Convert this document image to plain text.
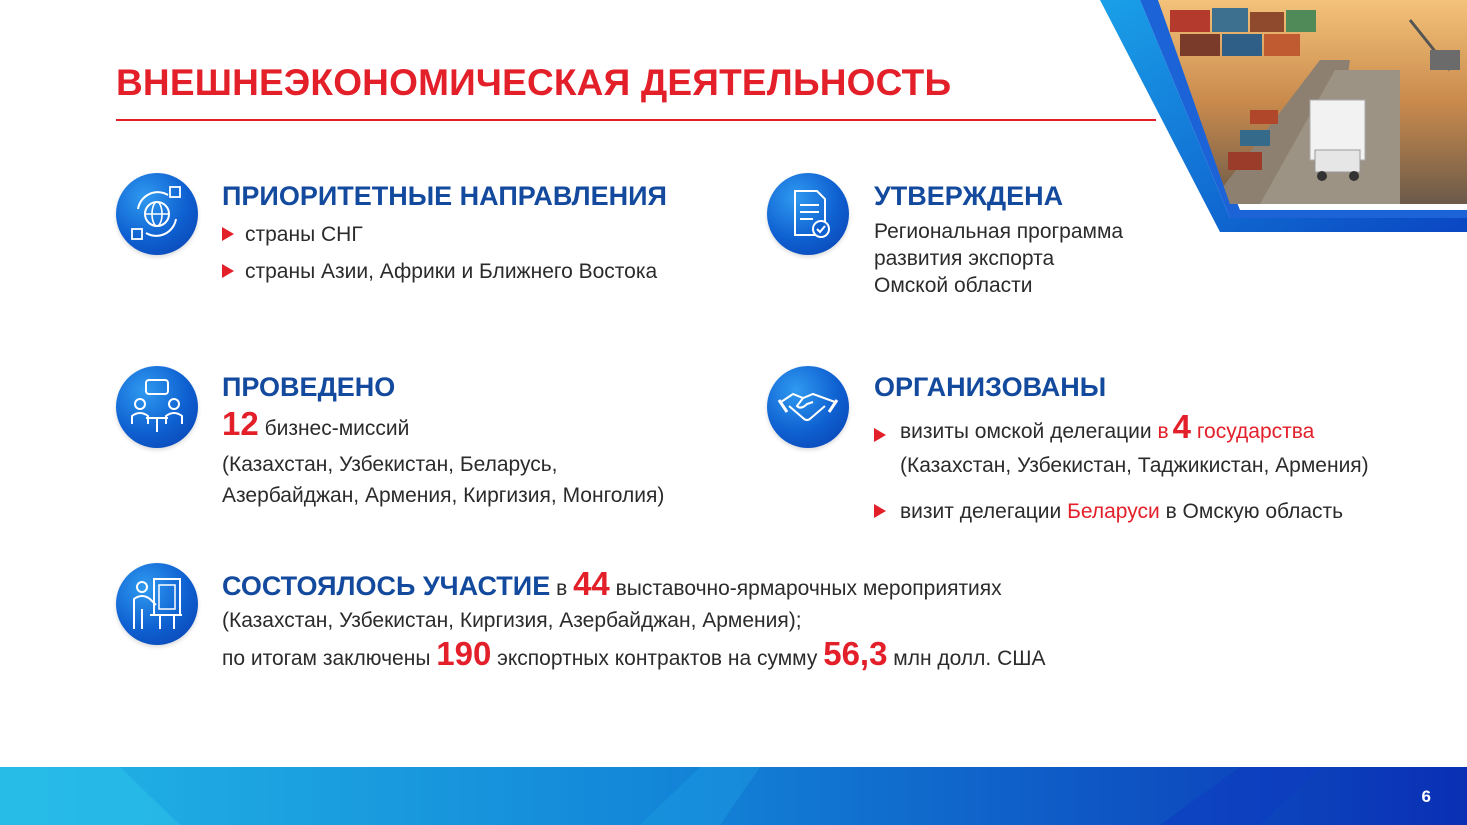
ВНЕШНЕЭКОНОМИЧЕСКАЯ ДЕЯТЕЛЬНОСТЬ
ПРИОРИТЕТНЫЕ НАПРАВЛЕНИЯ
страны СНГ
страны Азии, Африки и Ближнего Востока
УТВЕРЖДЕНА
Региональная программа
развития экспорта
Омской области
ПРОВЕДЕНО
12 бизнес-миссий
(Казахстан, Узбекистан, Беларусь,
Азербайджан, Армения, Киргизия, Монголия)
ОРГАНИЗОВАНЫ
визиты омской делегации в 4 государства
(Казахстан, Узбекистан, Таджикистан, Армения)
визит делегации Беларуси в Омскую область
СОСТОЯЛОСЬ УЧАСТИЕ в 44 выставочно-ярмарочных мероприятиях
(Казахстан, Узбекистан, Киргизия, Азербайджан, Армения);
по итогам заключены 190 экспортных контрактов на сумму 56,3 млн долл. США
6
